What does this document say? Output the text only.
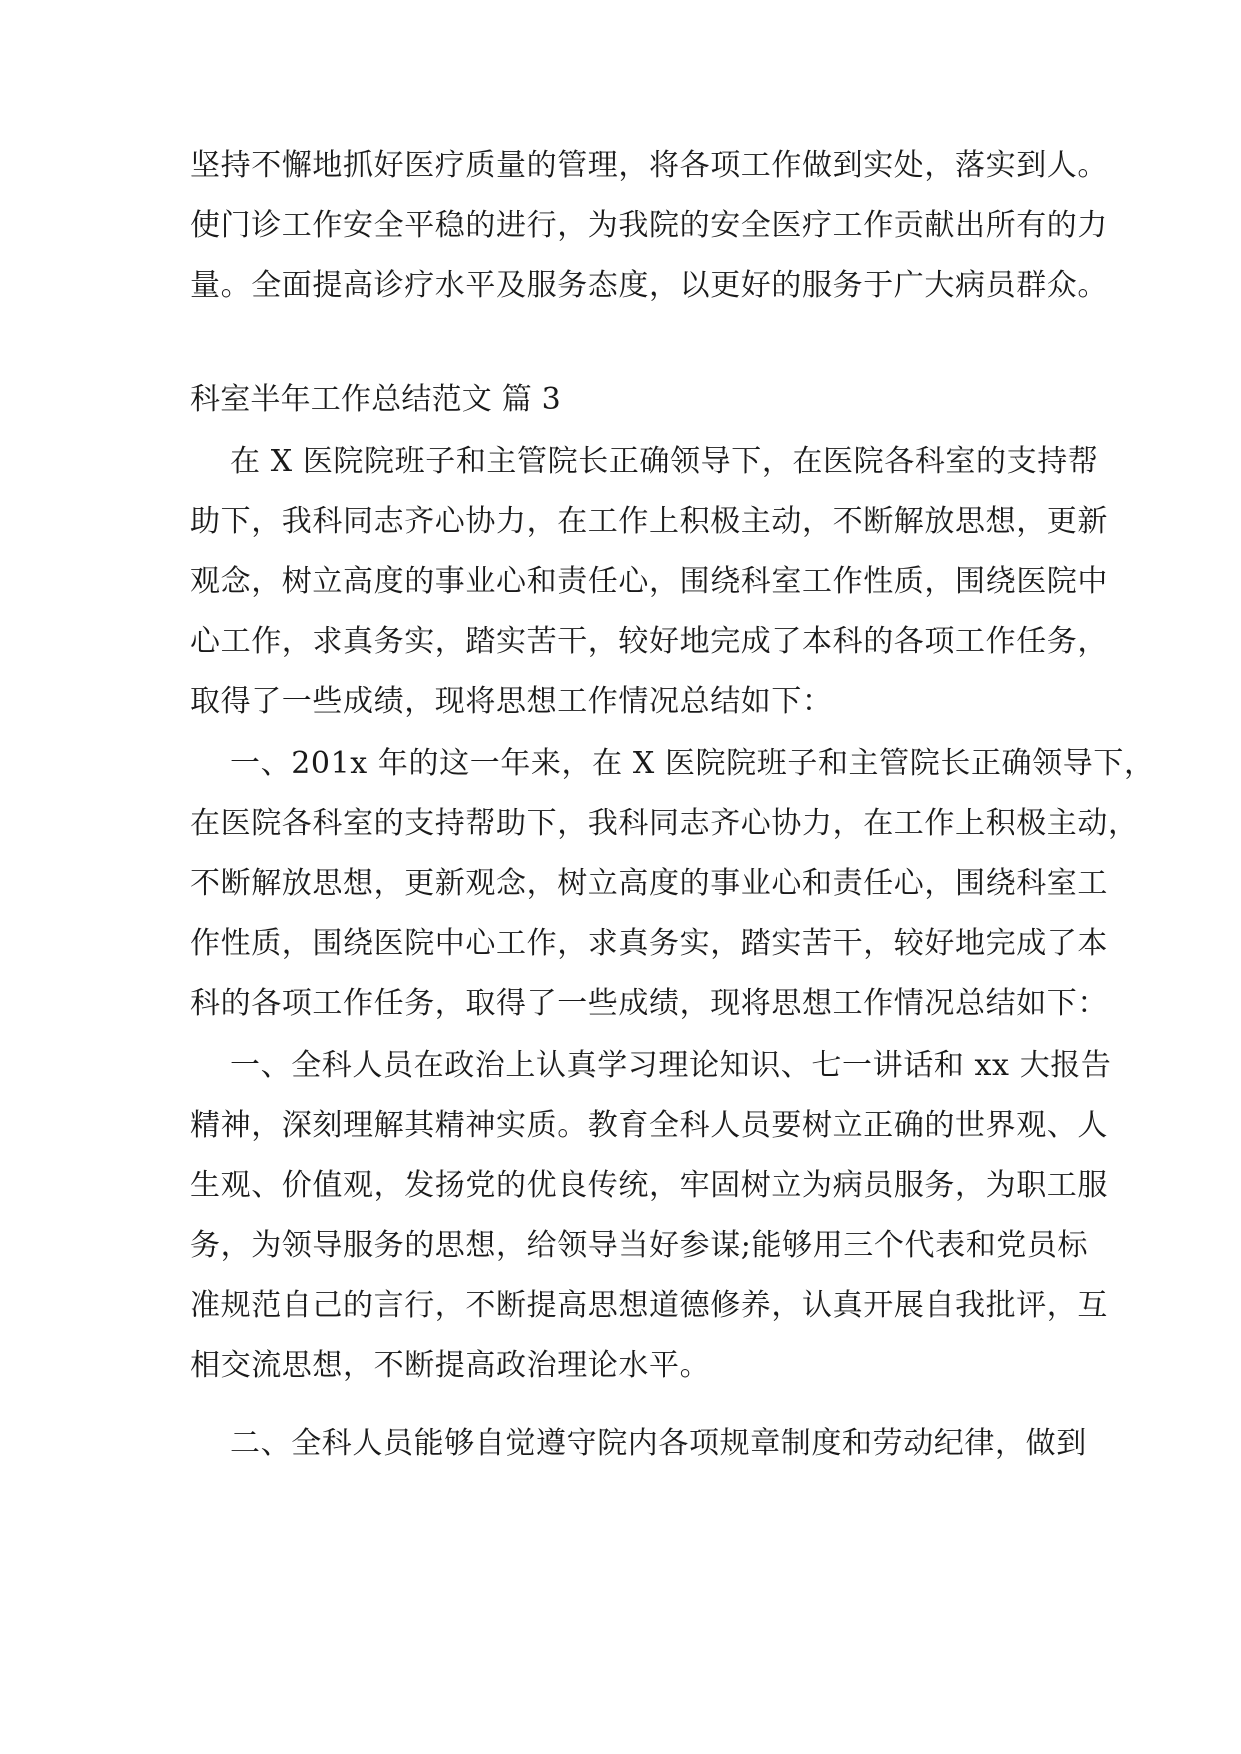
坚持不懈地抓好医疗质量的管理，将各项工作做到实处，落实到人。
使门诊工作安全平稳的进行，为我院的安全医疗工作贡献出所有的力
量。全面提高诊疗水平及服务态度，以更好的服务于广大病员群众。
科室半年工作总结范文 篇 3
在 X 医院院班子和主管院长正确领导下，在医院各科室的支持帮
助下，我科同志齐心协力，在工作上积极主动，不断解放思想，更新
观念，树立高度的事业心和责任心，围绕科室工作性质，围绕医院中
心工作，求真务实，踏实苦干，较好地完成了本科的各项工作任务，
取得了一些成绩，现将思想工作情况总结如下：
一、201x 年的这一年来，在 X 医院院班子和主管院长正确领导下，
在医院各科室的支持帮助下，我科同志齐心协力，在工作上积极主动，
不断解放思想，更新观念，树立高度的事业心和责任心，围绕科室工
作性质，围绕医院中心工作，求真务实，踏实苦干，较好地完成了本
科的各项工作任务，取得了一些成绩，现将思想工作情况总结如下：
一、全科人员在政治上认真学习理论知识、七一讲话和 xx 大报告
精神，深刻理解其精神实质。教育全科人员要树立正确的世界观、人
生观、价值观，发扬党的优良传统，牢固树立为病员服务，为职工服
务，为领导服务的思想，给领导当好参谋;能够用三个代表和党员标
准规范自己的言行，不断提高思想道德修养，认真开展自我批评，互
相交流思想，不断提高政治理论水平。
二、全科人员能够自觉遵守院内各项规章制度和劳动纪律，做到
